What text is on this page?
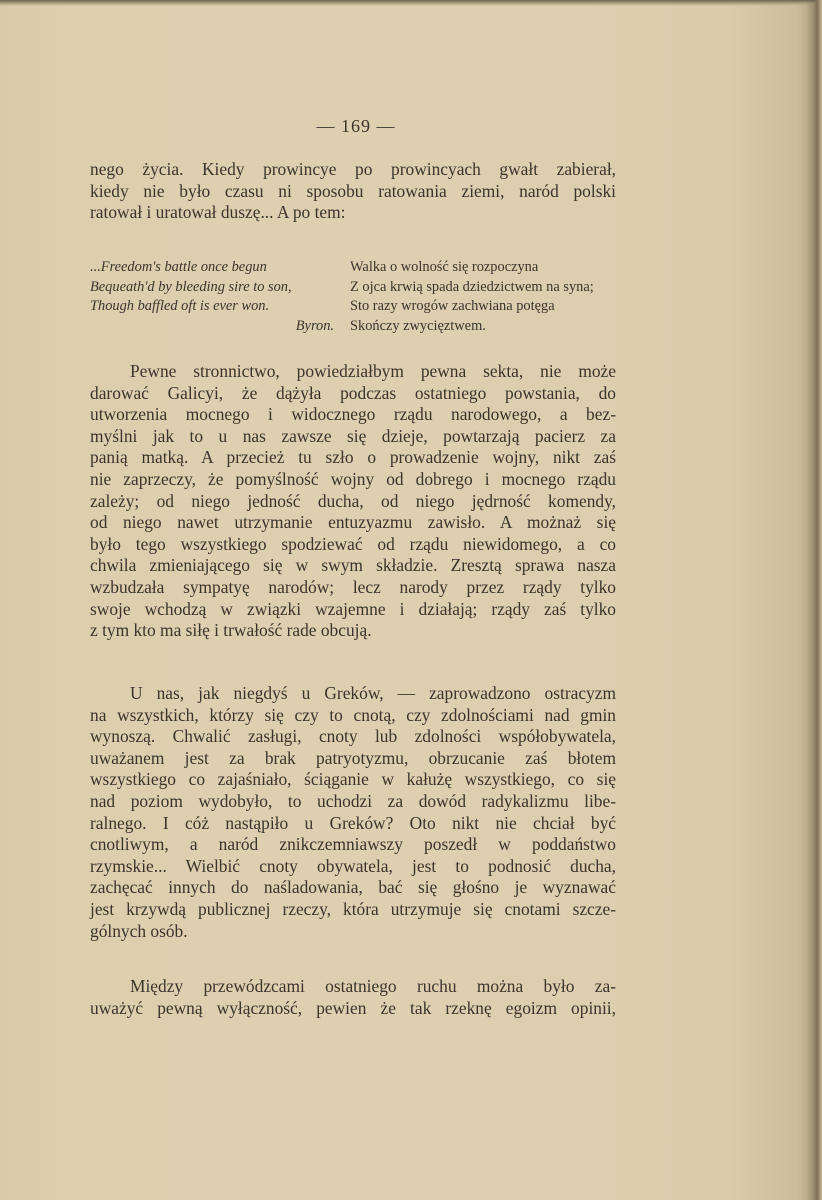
— 169 —
nego życia. Kiedy prowincye po prowincyach gwałt zabierał,
kiedy nie było czasu ni sposobu ratowania ziemi, naród polski
ratował i uratował duszę... A po tem:
...Freedom's battle once begun
Bequeath'd by bleeding sire to son,
Though baffled oft is ever won.
Byron.
Walka o wolność się rozpoczyna
Z ojca krwią spada dziedzictwem na syna;
Sto razy wrogów zachwiana potęga
Skończy zwycięztwem.
Pewne stronnictwo, powiedziałbym pewna sekta, nie może
darować Galicyi, że dążyła podczas ostatniego powstania, do
utworzenia mocnego i widocznego rządu narodowego, a bez-
myślni jak to u nas zawsze się dzieje, powtarzają pacierz za
panią matką. A przecież tu szło o prowadzenie wojny, nikt zaś
nie zaprzeczy, że pomyślność wojny od dobrego i mocnego rządu
zależy; od niego jedność ducha, od niego jędrność komendy,
od niego nawet utrzymanie entuzyazmu zawisło. A możnaż się
było tego wszystkiego spodziewać od rządu niewidomego, a co
chwila zmieniającego się w swym składzie. Zresztą sprawa nasza
wzbudzała sympatyę narodów; lecz narody przez rządy tylko
swoje wchodzą w związki wzajemne i działają; rządy zaś tylko
z tym kto ma siłę i trwałość rade obcują.
U nas, jak niegdyś u Greków, — zaprowadzono ostracyzm
na wszystkich, którzy się czy to cnotą, czy zdolnościami nad gmin
wynoszą. Chwalić zasługi, cnoty lub zdolności współobywatela,
uważanem jest za brak patryotyzmu, obrzucanie zaś błotem
wszystkiego co zajaśniało, ściąganie w kałużę wszystkiego, co się
nad poziom wydobyło, to uchodzi za dowód radykalizmu libe-
ralnego. I cóż nastąpiło u Greków? Oto nikt nie chciał być
cnotliwym, a naród znikczemniawszy poszedł w poddaństwo
rzymskie... Wielbić cnoty obywatela, jest to podnosić ducha,
zachęcać innych do naśladowania, bać się głośno je wyznawać
jest krzywdą publicznej rzeczy, która utrzymuje się cnotami szcze-
gólnych osób.
Między przewódzcami ostatniego ruchu można było za-
uważyć pewną wyłączność, pewien że tak rzeknę egoizm opinii,
